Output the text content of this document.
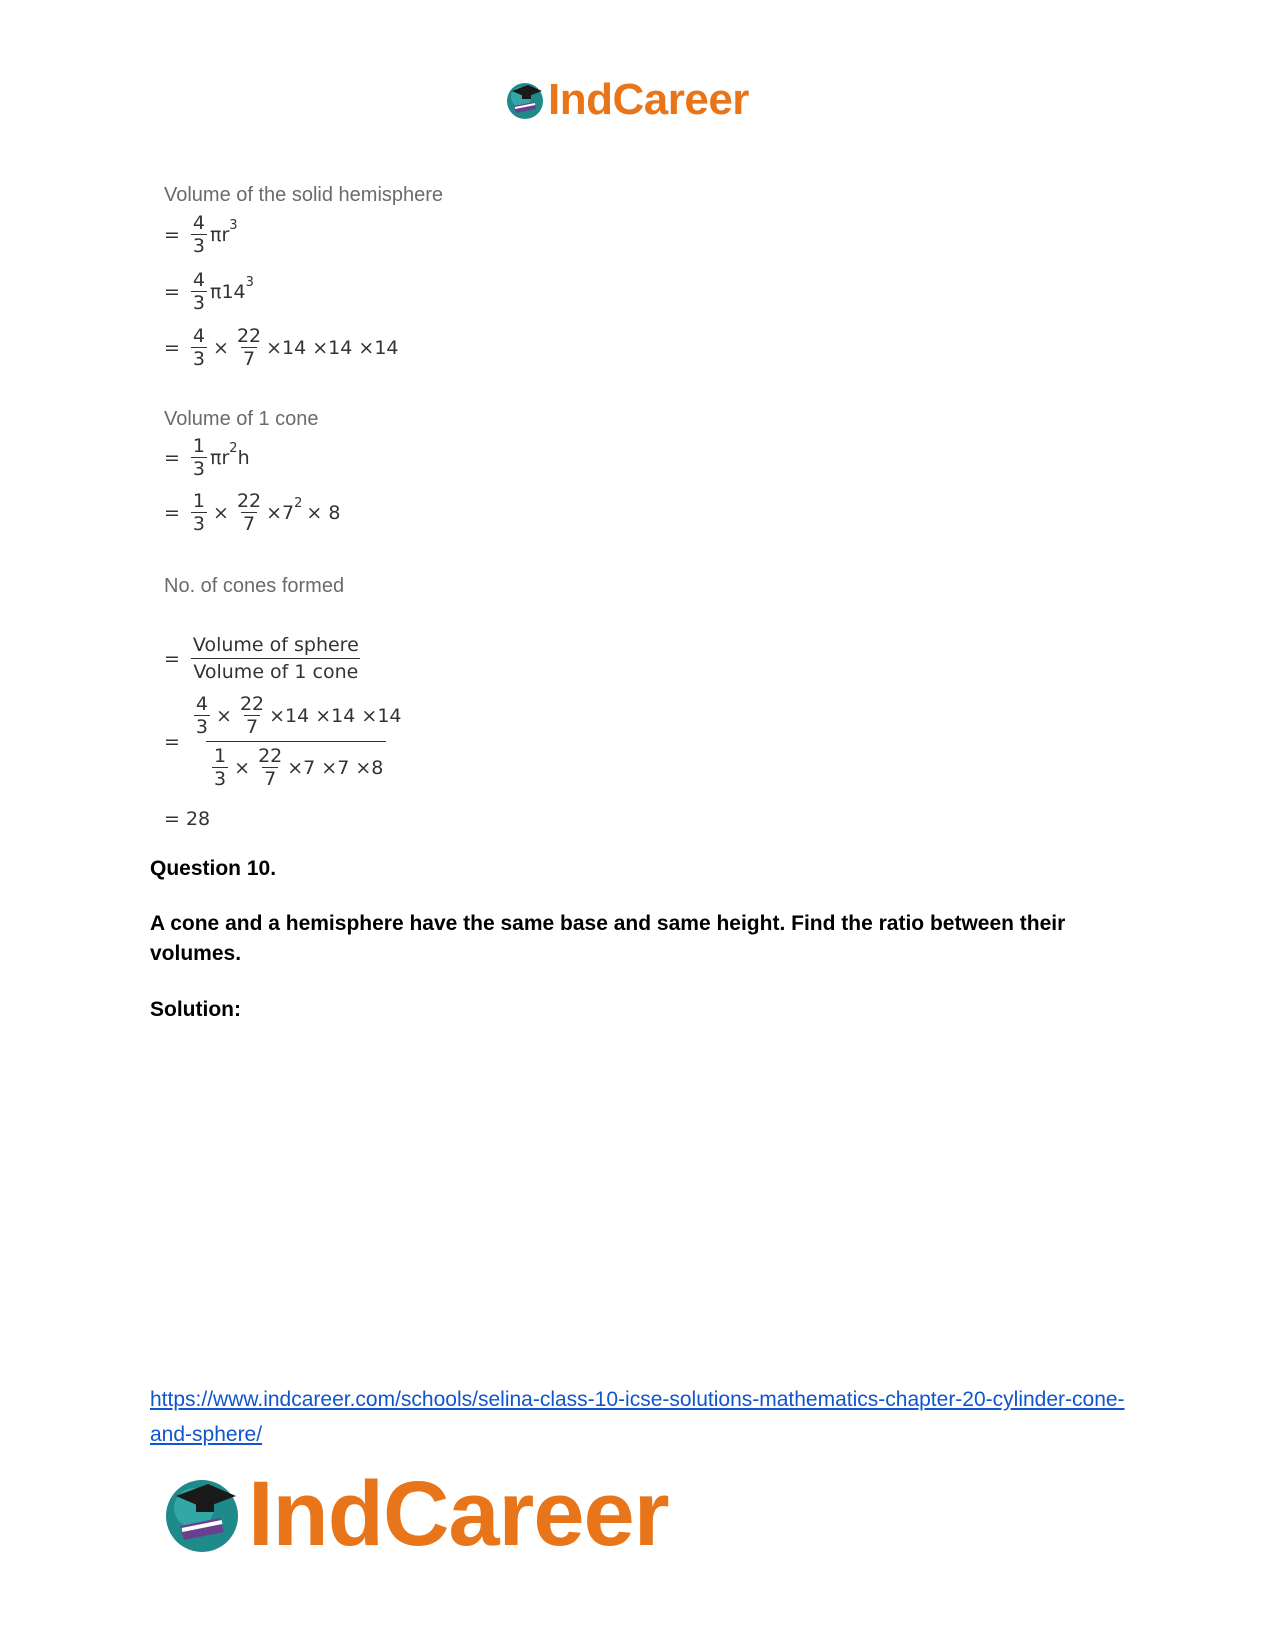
IndCareer
Volume of the solid hemisphere
= $\frac{4}{3}$ πr 3
= $\frac{4}{3} \pi 14$ 3
= $\frac{4}{3} \times \frac{22}{7} \times 14 \times 14 \times 14$
Volume of 1 cone
= $\frac{1}{3}$ πr 2 h
= $\frac{1}{3} \times \frac{22}{7} \times 7$ 2 × 8
No. of cones formed
= $\frac{\text{Volume of sphere}}{\text{Volume of 1 cone}}$
=
$\frac{4}{3} \times \frac{22}{7} \times 14 \times 14 \times 14$
$\frac{1}{3} \times \frac{22}{7} \times 7 \times 7 \times 8$
= 28
Question 10.
A cone and a hemisphere have the same base and same height. Find the ratio between their volumes.
Solution:
https://www.indcareer.com/schools/selina-class-10-icse-solutions-mathematics-chapter-20-cylinder-cone-and-sphere/
IndCareer
